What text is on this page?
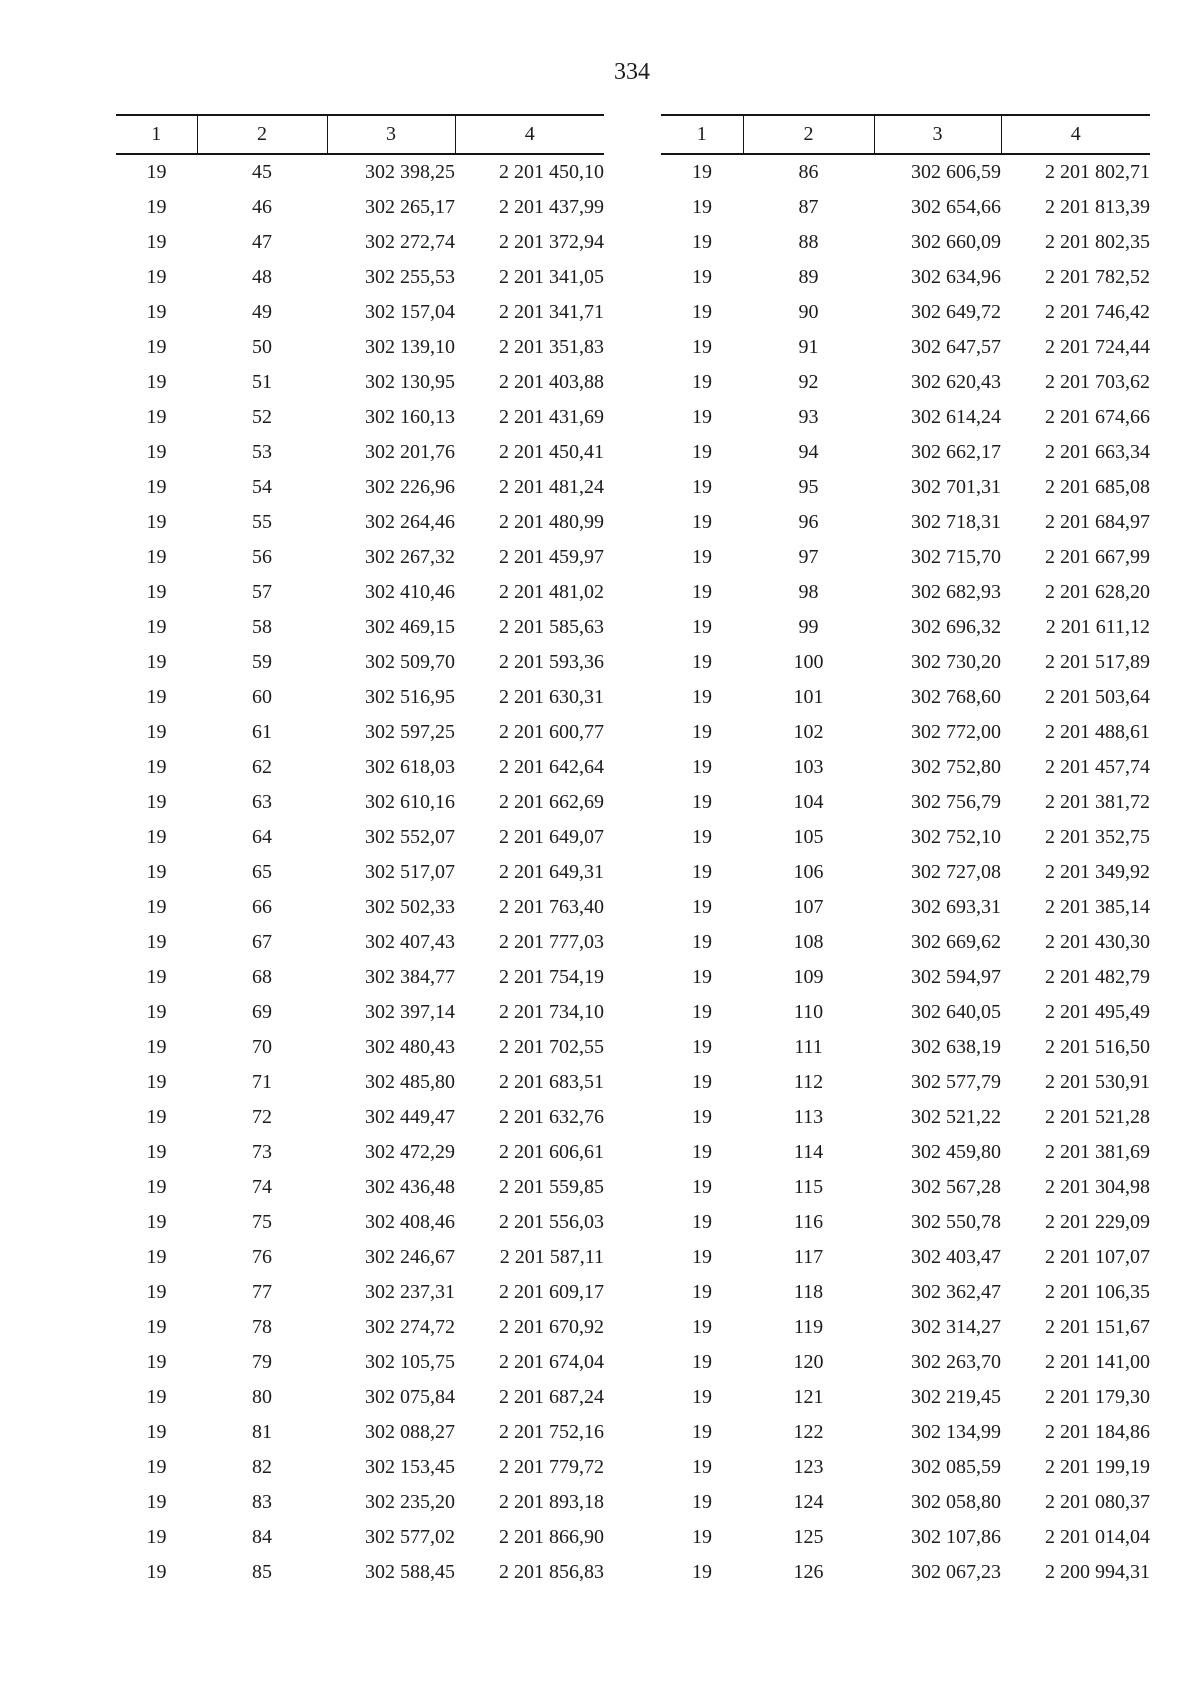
334
1	2	3	4
19	45	302 398,25	2 201 450,10
19	46	302 265,17	2 201 437,99
19	47	302 272,74	2 201 372,94
19	48	302 255,53	2 201 341,05
19	49	302 157,04	2 201 341,71
19	50	302 139,10	2 201 351,83
19	51	302 130,95	2 201 403,88
19	52	302 160,13	2 201 431,69
19	53	302 201,76	2 201 450,41
19	54	302 226,96	2 201 481,24
19	55	302 264,46	2 201 480,99
19	56	302 267,32	2 201 459,97
19	57	302 410,46	2 201 481,02
19	58	302 469,15	2 201 585,63
19	59	302 509,70	2 201 593,36
19	60	302 516,95	2 201 630,31
19	61	302 597,25	2 201 600,77
19	62	302 618,03	2 201 642,64
19	63	302 610,16	2 201 662,69
19	64	302 552,07	2 201 649,07
19	65	302 517,07	2 201 649,31
19	66	302 502,33	2 201 763,40
19	67	302 407,43	2 201 777,03
19	68	302 384,77	2 201 754,19
19	69	302 397,14	2 201 734,10
19	70	302 480,43	2 201 702,55
19	71	302 485,80	2 201 683,51
19	72	302 449,47	2 201 632,76
19	73	302 472,29	2 201 606,61
19	74	302 436,48	2 201 559,85
19	75	302 408,46	2 201 556,03
19	76	302 246,67	2 201 587,11
19	77	302 237,31	2 201 609,17
19	78	302 274,72	2 201 670,92
19	79	302 105,75	2 201 674,04
19	80	302 075,84	2 201 687,24
19	81	302 088,27	2 201 752,16
19	82	302 153,45	2 201 779,72
19	83	302 235,20	2 201 893,18
19	84	302 577,02	2 201 866,90
19	85	302 588,45	2 201 856,83
1	2	3	4
19	86	302 606,59	2 201 802,71
19	87	302 654,66	2 201 813,39
19	88	302 660,09	2 201 802,35
19	89	302 634,96	2 201 782,52
19	90	302 649,72	2 201 746,42
19	91	302 647,57	2 201 724,44
19	92	302 620,43	2 201 703,62
19	93	302 614,24	2 201 674,66
19	94	302 662,17	2 201 663,34
19	95	302 701,31	2 201 685,08
19	96	302 718,31	2 201 684,97
19	97	302 715,70	2 201 667,99
19	98	302 682,93	2 201 628,20
19	99	302 696,32	2 201 611,12
19	100	302 730,20	2 201 517,89
19	101	302 768,60	2 201 503,64
19	102	302 772,00	2 201 488,61
19	103	302 752,80	2 201 457,74
19	104	302 756,79	2 201 381,72
19	105	302 752,10	2 201 352,75
19	106	302 727,08	2 201 349,92
19	107	302 693,31	2 201 385,14
19	108	302 669,62	2 201 430,30
19	109	302 594,97	2 201 482,79
19	110	302 640,05	2 201 495,49
19	111	302 638,19	2 201 516,50
19	112	302 577,79	2 201 530,91
19	113	302 521,22	2 201 521,28
19	114	302 459,80	2 201 381,69
19	115	302 567,28	2 201 304,98
19	116	302 550,78	2 201 229,09
19	117	302 403,47	2 201 107,07
19	118	302 362,47	2 201 106,35
19	119	302 314,27	2 201 151,67
19	120	302 263,70	2 201 141,00
19	121	302 219,45	2 201 179,30
19	122	302 134,99	2 201 184,86
19	123	302 085,59	2 201 199,19
19	124	302 058,80	2 201 080,37
19	125	302 107,86	2 201 014,04
19	126	302 067,23	2 200 994,31
